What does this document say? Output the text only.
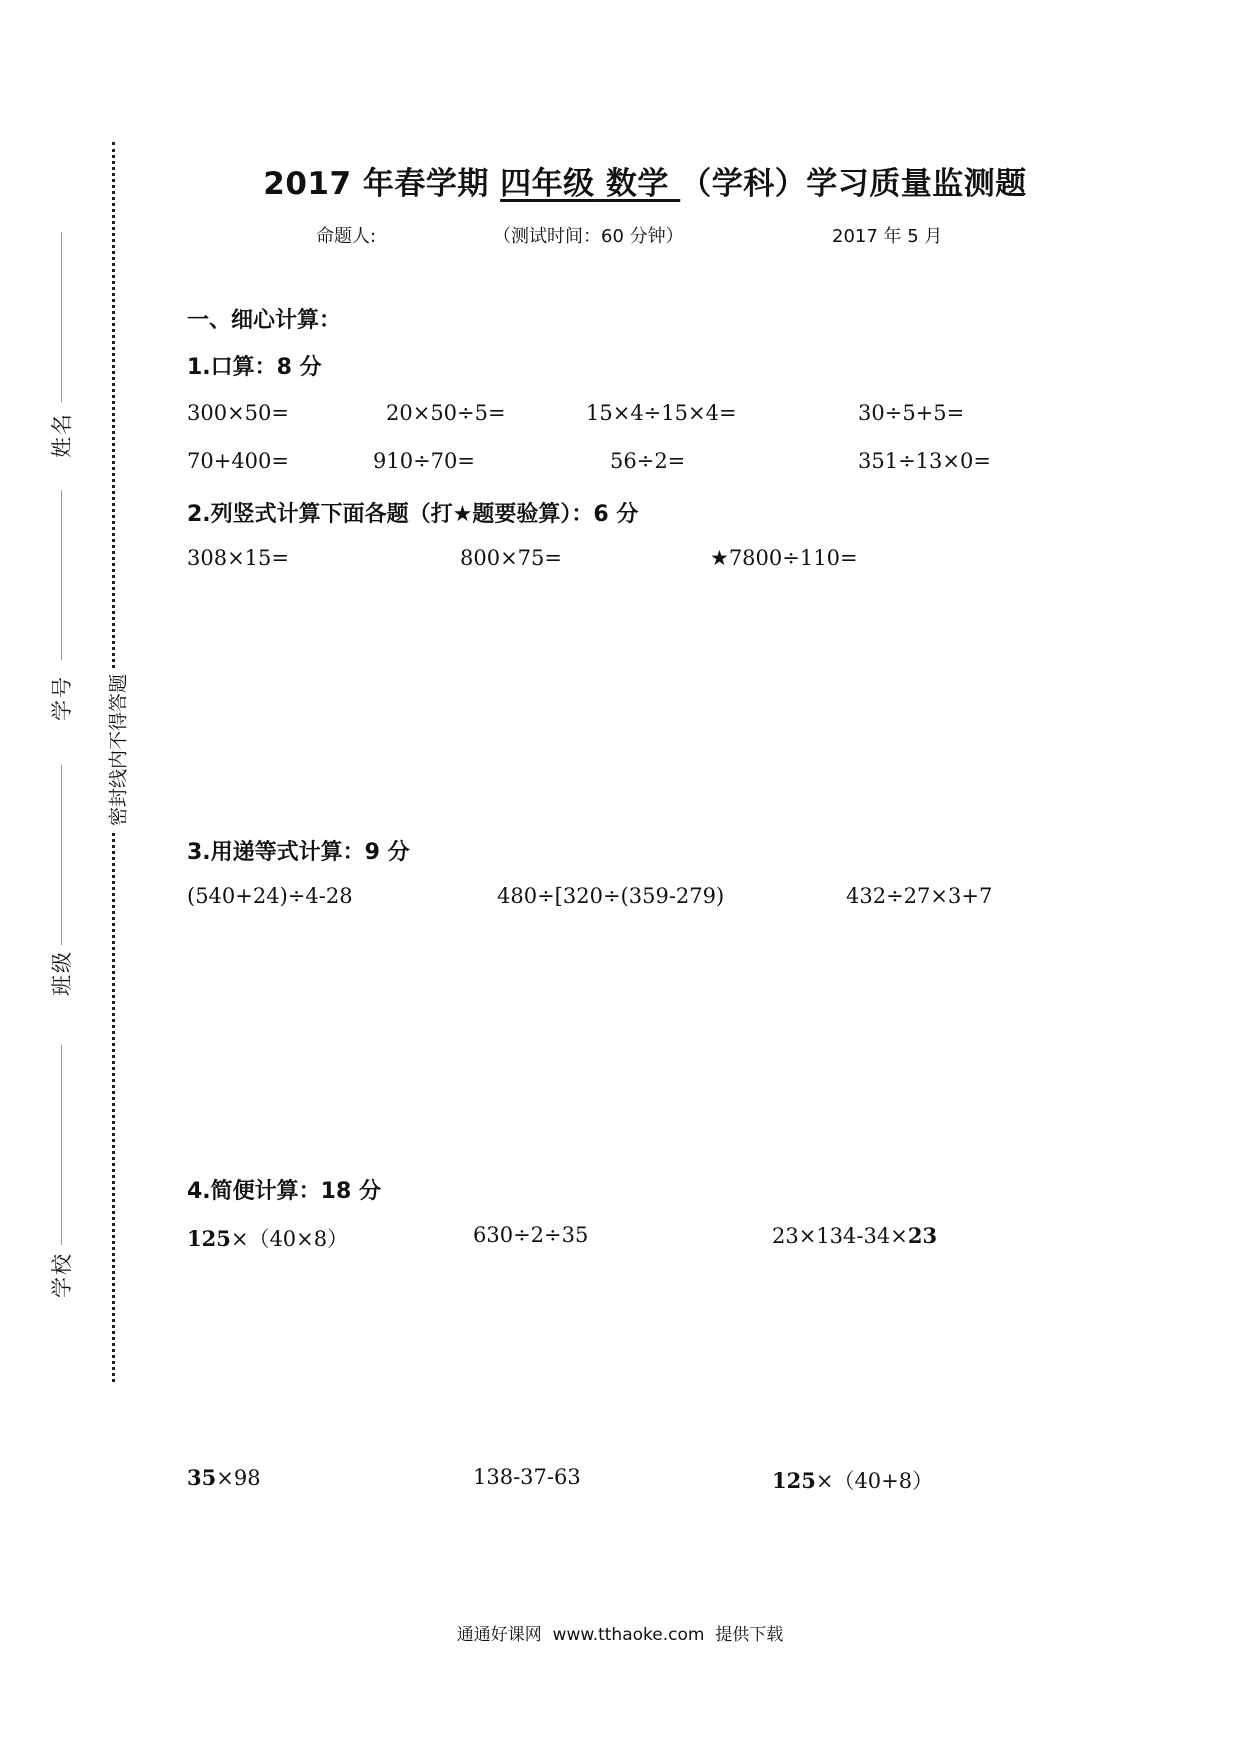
姓名
学号
班级
学校
密封线内不得答题
2017 年春学期 四年级 数学 （学科）学习质量监测题
命题人:	（测试时间：60 分钟）	2017 年 5 月
一、细心计算：
1.口算：8 分
300×50=	20×50÷5=	15×4÷15×4=	30÷5+5=
70+400=	910÷70=	56÷2=	351÷13×0=
2.列竖式计算下面各题（打★题要验算）：6 分
308×15=	800×75=	★7800÷110=
3.用递等式计算：9 分
(540+24)÷4-28	480÷[320÷(359-279)	432÷27×3+7
4.简便计算：18 分
125×（40×8）	630÷2÷35	23×134-34×23
35×98	138-37-63	125×（40+8）
通通好课网  www.tthaoke.com  提供下载
